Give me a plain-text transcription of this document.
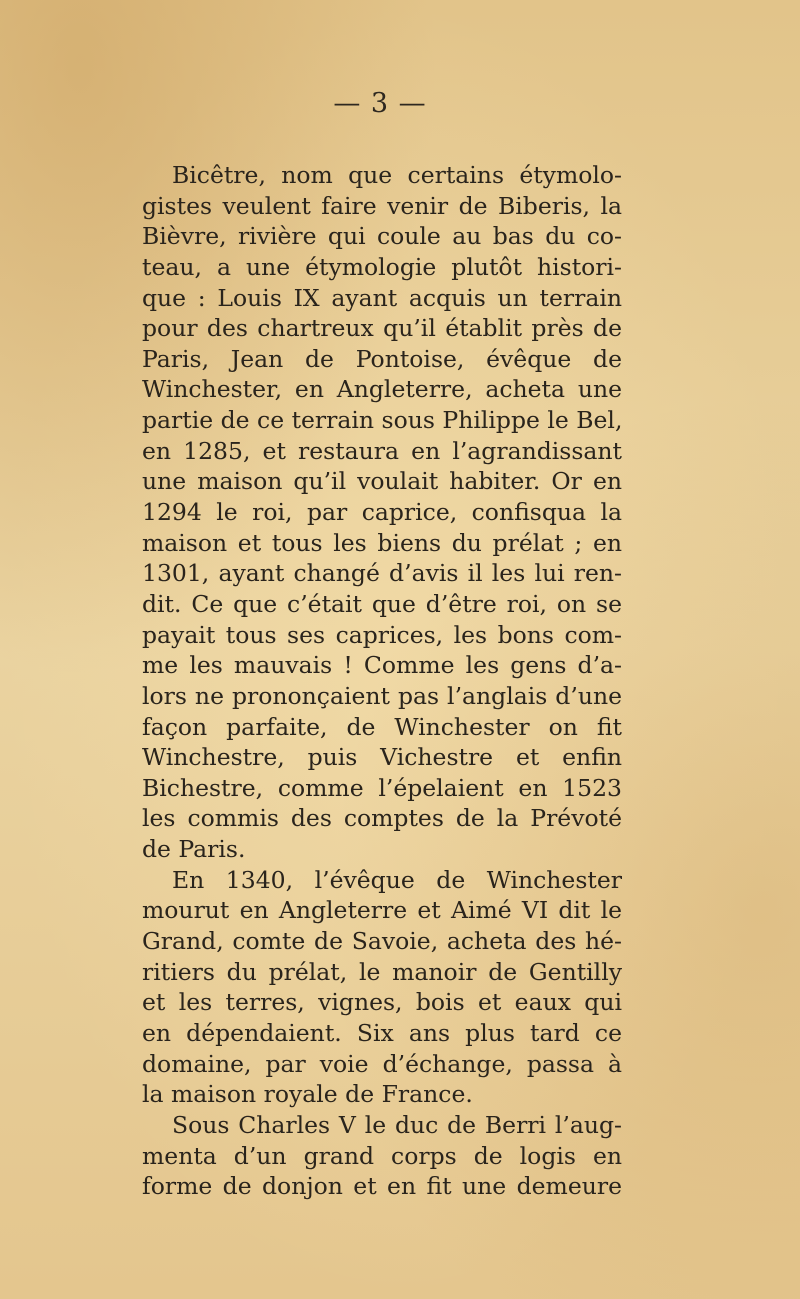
— 3 —
Bicêtre, nom que certains étymolo-
gistes veulent faire venir de Biberis, la
Bièvre, rivière qui coule au bas du co-
teau, a une étymologie plutôt histori-
que : Louis IX ayant acquis un terrain
pour des chartreux qu’il établit près de
Paris, Jean de Pontoise, évêque de
Winchester, en Angleterre, acheta une
partie de ce terrain sous Philippe le Bel,
en 1285, et restaura en l’agrandissant
une maison qu’il voulait habiter. Or en
1294 le roi, par caprice, confisqua la
maison et tous les biens du prélat ; en
1301, ayant changé d’avis il les lui ren-
dit. Ce que c’était que d’être roi, on se
payait tous ses caprices, les bons com-
me les mauvais ! Comme les gens d’a-
lors ne prononçaient pas l’anglais d’une
façon parfaite, de Winchester on fit
Winchestre, puis Vichestre et enfin
Bichestre, comme l’épelaient en 1523
les commis des comptes de la Prévoté
de Paris.
En 1340, l’évêque de Winchester
mourut en Angleterre et Aimé VI dit le
Grand, comte de Savoie, acheta des hé-
ritiers du prélat, le manoir de Gentilly
et les terres, vignes, bois et eaux qui
en dépendaient. Six ans plus tard ce
domaine, par voie d’échange, passa à
la maison royale de France.
Sous Charles V le duc de Berri l’aug-
menta d’un grand corps de logis en
forme de donjon et en fit une demeure
